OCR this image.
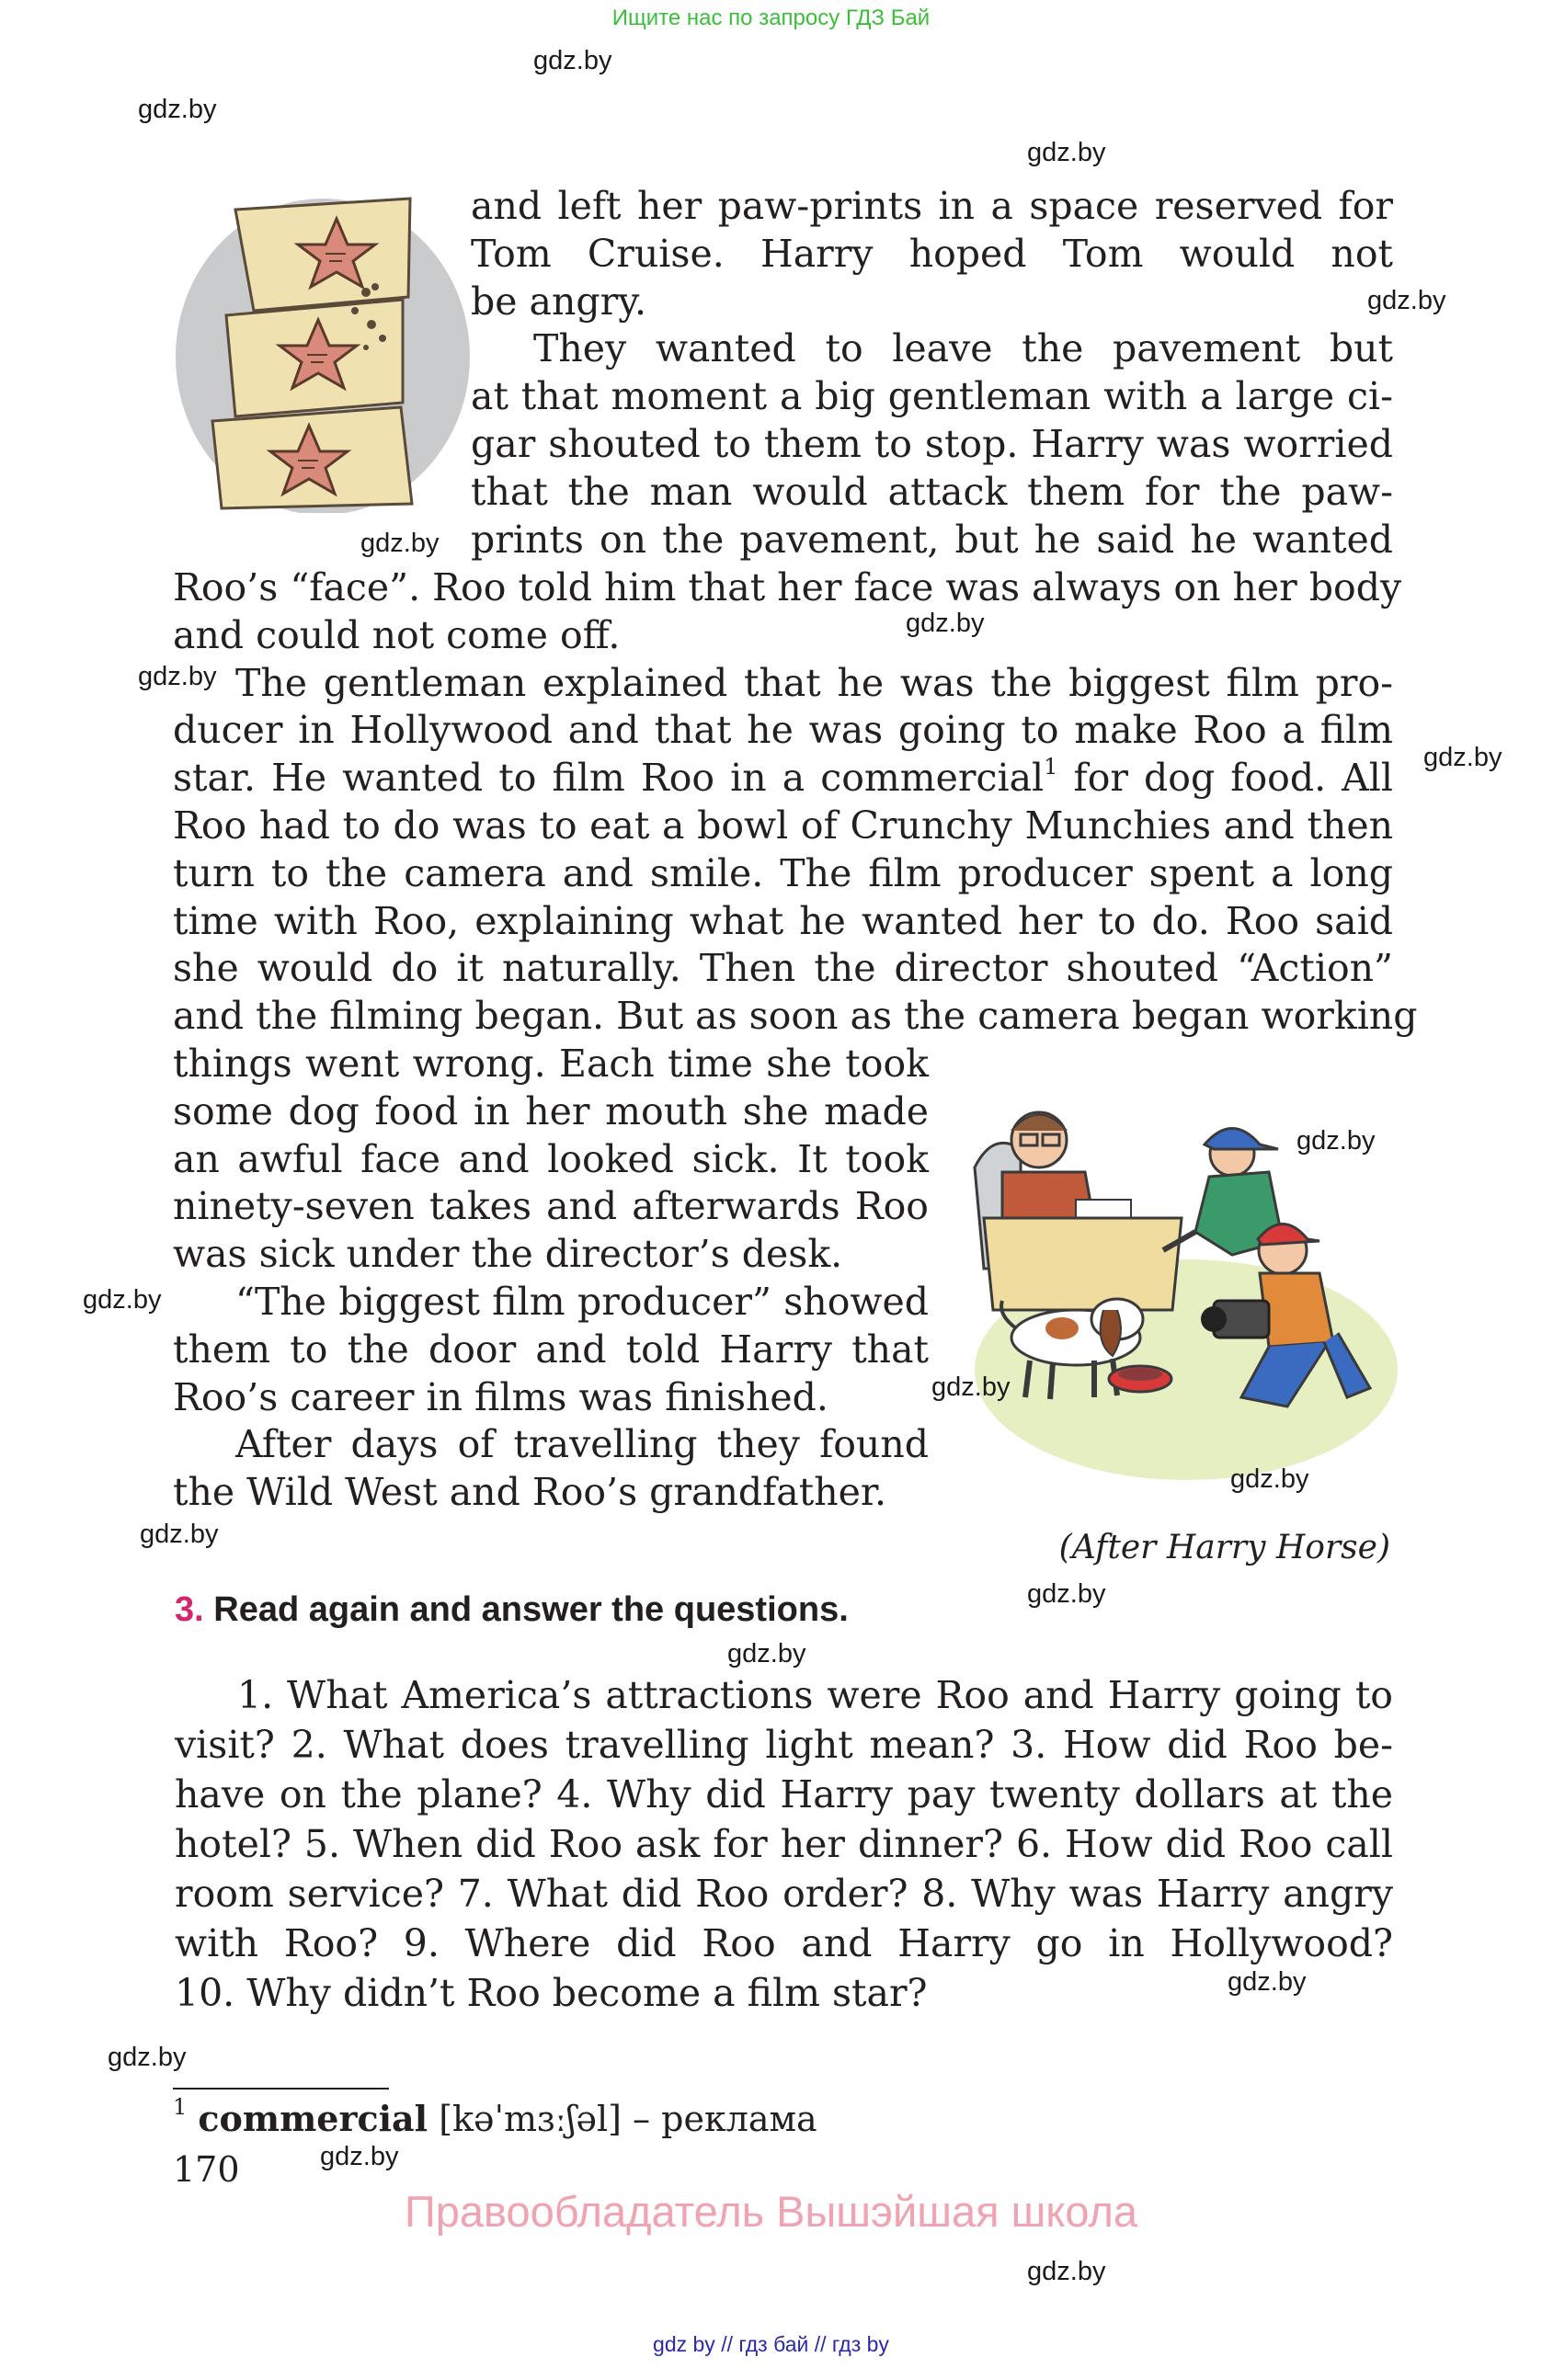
Ищите нас по запросу ГДЗ Бай
and left her paw-prints in a space reserved for
Tom Cruise. Harry hoped Tom would not
be angry.
They wanted to leave the pavement but
at that moment a big gentleman with a large ci-
gar shouted to them to stop. Harry was worried
that the man would attack them for the paw-
prints on the pavement, but he said he wanted
Roo’s “face”. Roo told him that her face was always on her body
and could not come off.
The gentleman explained that he was the biggest film pro-
ducer in Hollywood and that he was going to make Roo a film
star. He wanted to film Roo in a commercial$^1$ for dog food. All
Roo had to do was to eat a bowl of Crunchy Munchies and then
turn to the camera and smile. The film producer spent a long
time with Roo, explaining what he wanted her to do. Roo said
she would do it naturally. Then the director shouted “Action”
and the filming began. But as soon as the camera began working
things went wrong. Each time she took
some dog food in her mouth she made
an awful face and looked sick. It took
ninety-seven takes and afterwards Roo
was sick under the director’s desk.
“The biggest film producer” showed
them to the door and told Harry that
Roo’s career in films was finished.
After days of travelling they found
the Wild West and Roo’s grandfather.
(After Harry Horse)
3. Read again and answer the questions.
1. What America’s attractions were Roo and Harry going to
visit? 2. What does travelling light mean? 3. How did Roo be-
have on the plane? 4. Why did Harry pay twenty dollars at the
hotel? 5. When did Roo ask for her dinner? 6. How did Roo call
room service? 7. What did Roo order? 8. Why was Harry angry
with Roo? 9. Where did Roo and Harry go in Hollywood?
10. Why didn’t Roo become a film star?
$^1$ commercial [kəˈmɜːʃəl] – реклама
170
Правообладатель Вышэйшая школа
gdz by // гдз бай // гдз by
gdz.by
gdz.by
gdz.by
gdz.by
gdz.by
gdz.by
gdz.by
gdz.by
gdz.by
gdz.by
gdz.by
gdz.by
gdz.by
gdz.by
gdz.by
gdz.by
gdz.by
gdz.by
gdz.by
